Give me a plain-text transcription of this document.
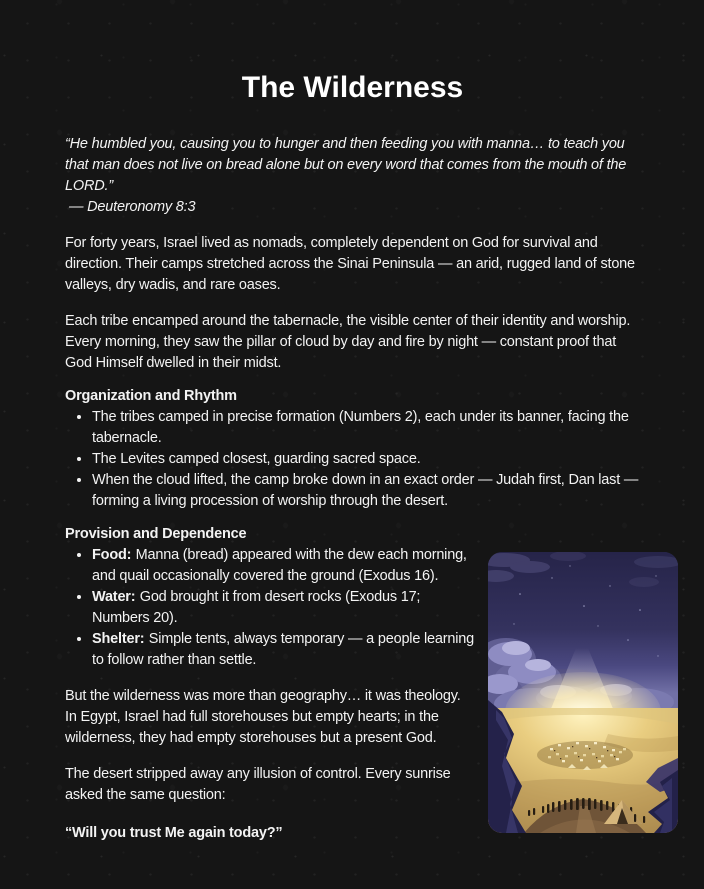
The Wilderness
“He humbled you, causing you to hunger and then feeding you with manna… to teach you that man does not live on bread alone but on every word that comes from the mouth of the LORD.”
— Deuteronomy 8:3

For forty years, Israel lived as nomads, completely dependent on God for survival and direction. Their camps stretched across the Sinai Peninsula — an arid, rugged land of stone valleys, dry wadis, and rare oases.

Each tribe encamped around the tabernacle, the visible center of their identity and worship. Every morning, they saw the pillar of cloud by day and fire by night — constant proof that God Himself dwelled in their midst.

Organization and Rhythm
• The tribes camped in precise formation (Numbers 2), each under its banner, facing the tabernacle.
• The Levites camped closest, guarding sacred space.
• When the cloud lifted, the camp broke down in an exact order — Judah first, Dan last — forming a living procession of worship through the desert.
Provision and Dependence
• Food: Manna (bread) appeared with the dew each morning, and quail occasionally covered the ground (Exodus 16).
• Water: God brought it from desert rocks (Exodus 17; Numbers 20).
• Shelter: Simple tents, always temporary — a people learning to follow rather than settle.

But the wilderness was more than geography… it was theology. In Egypt, Israel had full storehouses but empty hearts; in the wilderness, they had empty storehouses but a present God.

The desert stripped away any illusion of control. Every sunrise asked the same question:

“Will you trust Me again today?”
